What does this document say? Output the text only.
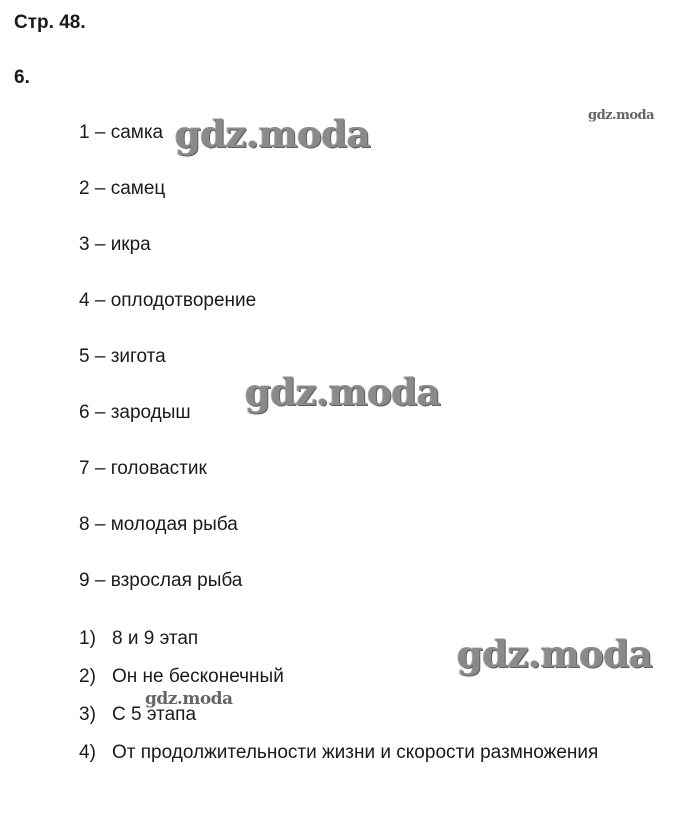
Стр. 48.
6.
1 – самка
2 – самец
3 – икра
4 – оплодотворение
5 – зигота
6 – зародыш
7 – головастик
8 – молодая рыба
9 – взрослая рыба
1) 8 и 9 этап
2) Он не бесконечный
3) С 5 этапа
4) От продолжительности жизни и скорости размножения
gdz.moda
gdz.moda
gdz.moda
gdz.moda
gdz.moda
